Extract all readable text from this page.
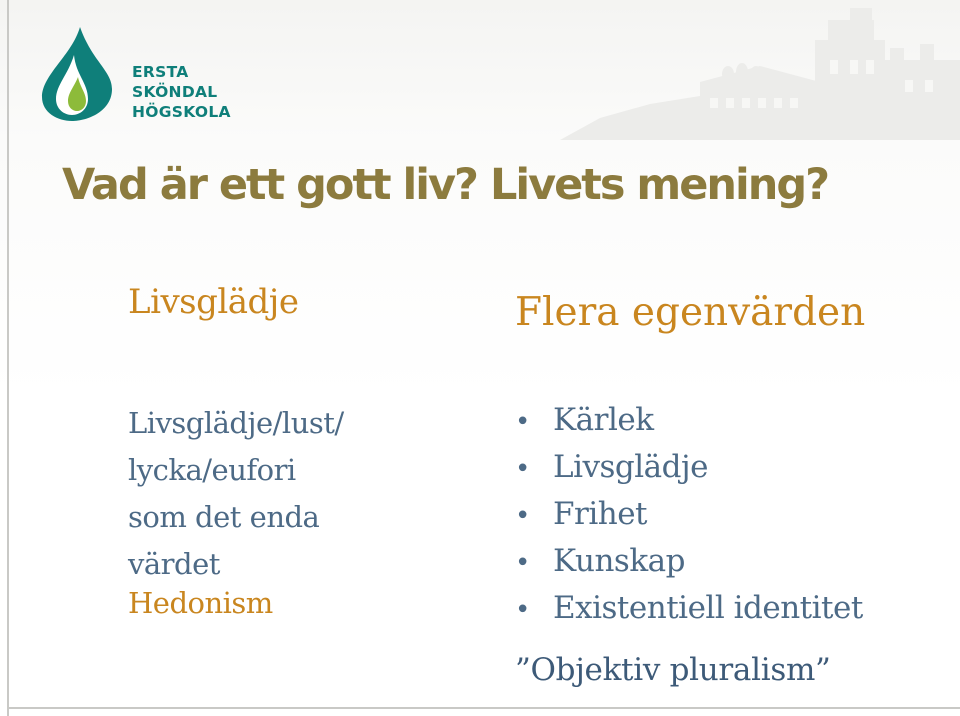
ERSTA
SKÖNDAL
HÖGSKOLA
Vad är ett gott liv? Livets mening?
Livsglädje
Livsglädje/lust/
lycka/eufori
som det enda
värdet
Hedonism
Flera egenvärden
• Kärlek
• Livsglädje
• Frihet
• Kunskap
• Existentiell identitet
”Objektiv pluralism”
